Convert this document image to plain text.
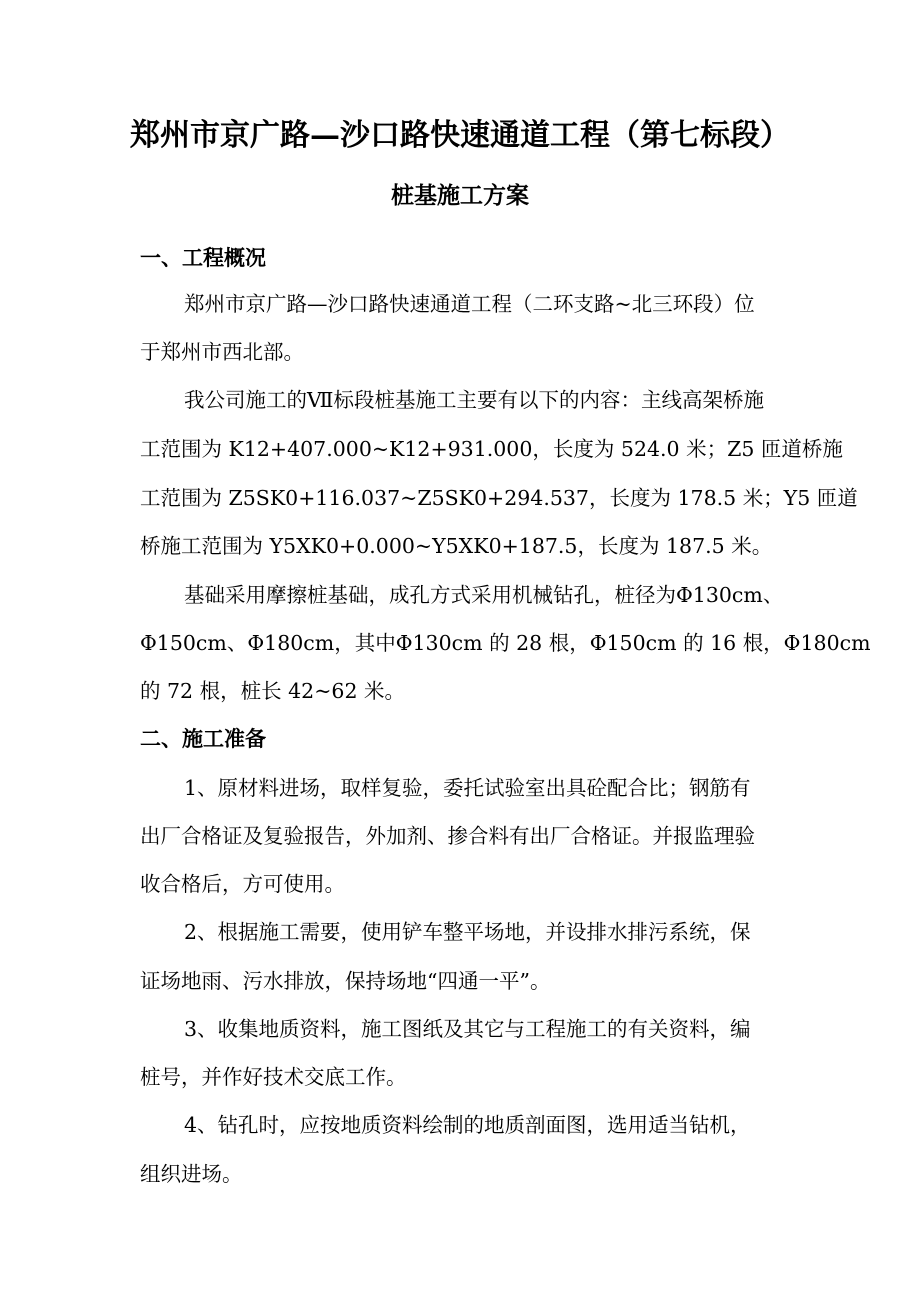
郑州市京广路—沙口路快速通道工程（第七标段）
桩基施工方案
一、工程概况
郑州市京广路—沙口路快速通道工程（二环支路~北三环段）位
于郑州市西北部。
我公司施工的Ⅶ标段桩基施工主要有以下的内容：主线高架桥施
工范围为 K12+407.000~K12+931.000，长度为 524.0 米；Z5 匝道桥施
工范围为 Z5SK0+116.037~Z5SK0+294.537，长度为 178.5 米；Y5 匝道
桥施工范围为 Y5XK0+0.000~Y5XK0+187.5，长度为 187.5 米。
基础采用摩擦桩基础，成孔方式采用机械钻孔，桩径为Φ130cm、
Φ150cm、Φ180cm，其中Φ130cm 的 28 根，Φ150cm 的 16 根，Φ180cm
的 72 根，桩长 42~62 米。
二、施工准备
1、原材料进场，取样复验，委托试验室出具砼配合比；钢筋有
出厂合格证及复验报告，外加剂、掺合料有出厂合格证。并报监理验
收合格后，方可使用。
2、根据施工需要，使用铲车整平场地，并设排水排污系统，保
证场地雨、污水排放，保持场地“四通一平”。
3、收集地质资料，施工图纸及其它与工程施工的有关资料，编
桩号，并作好技术交底工作。
4、钻孔时，应按地质资料绘制的地质剖面图，选用适当钻机，
组织进场。
